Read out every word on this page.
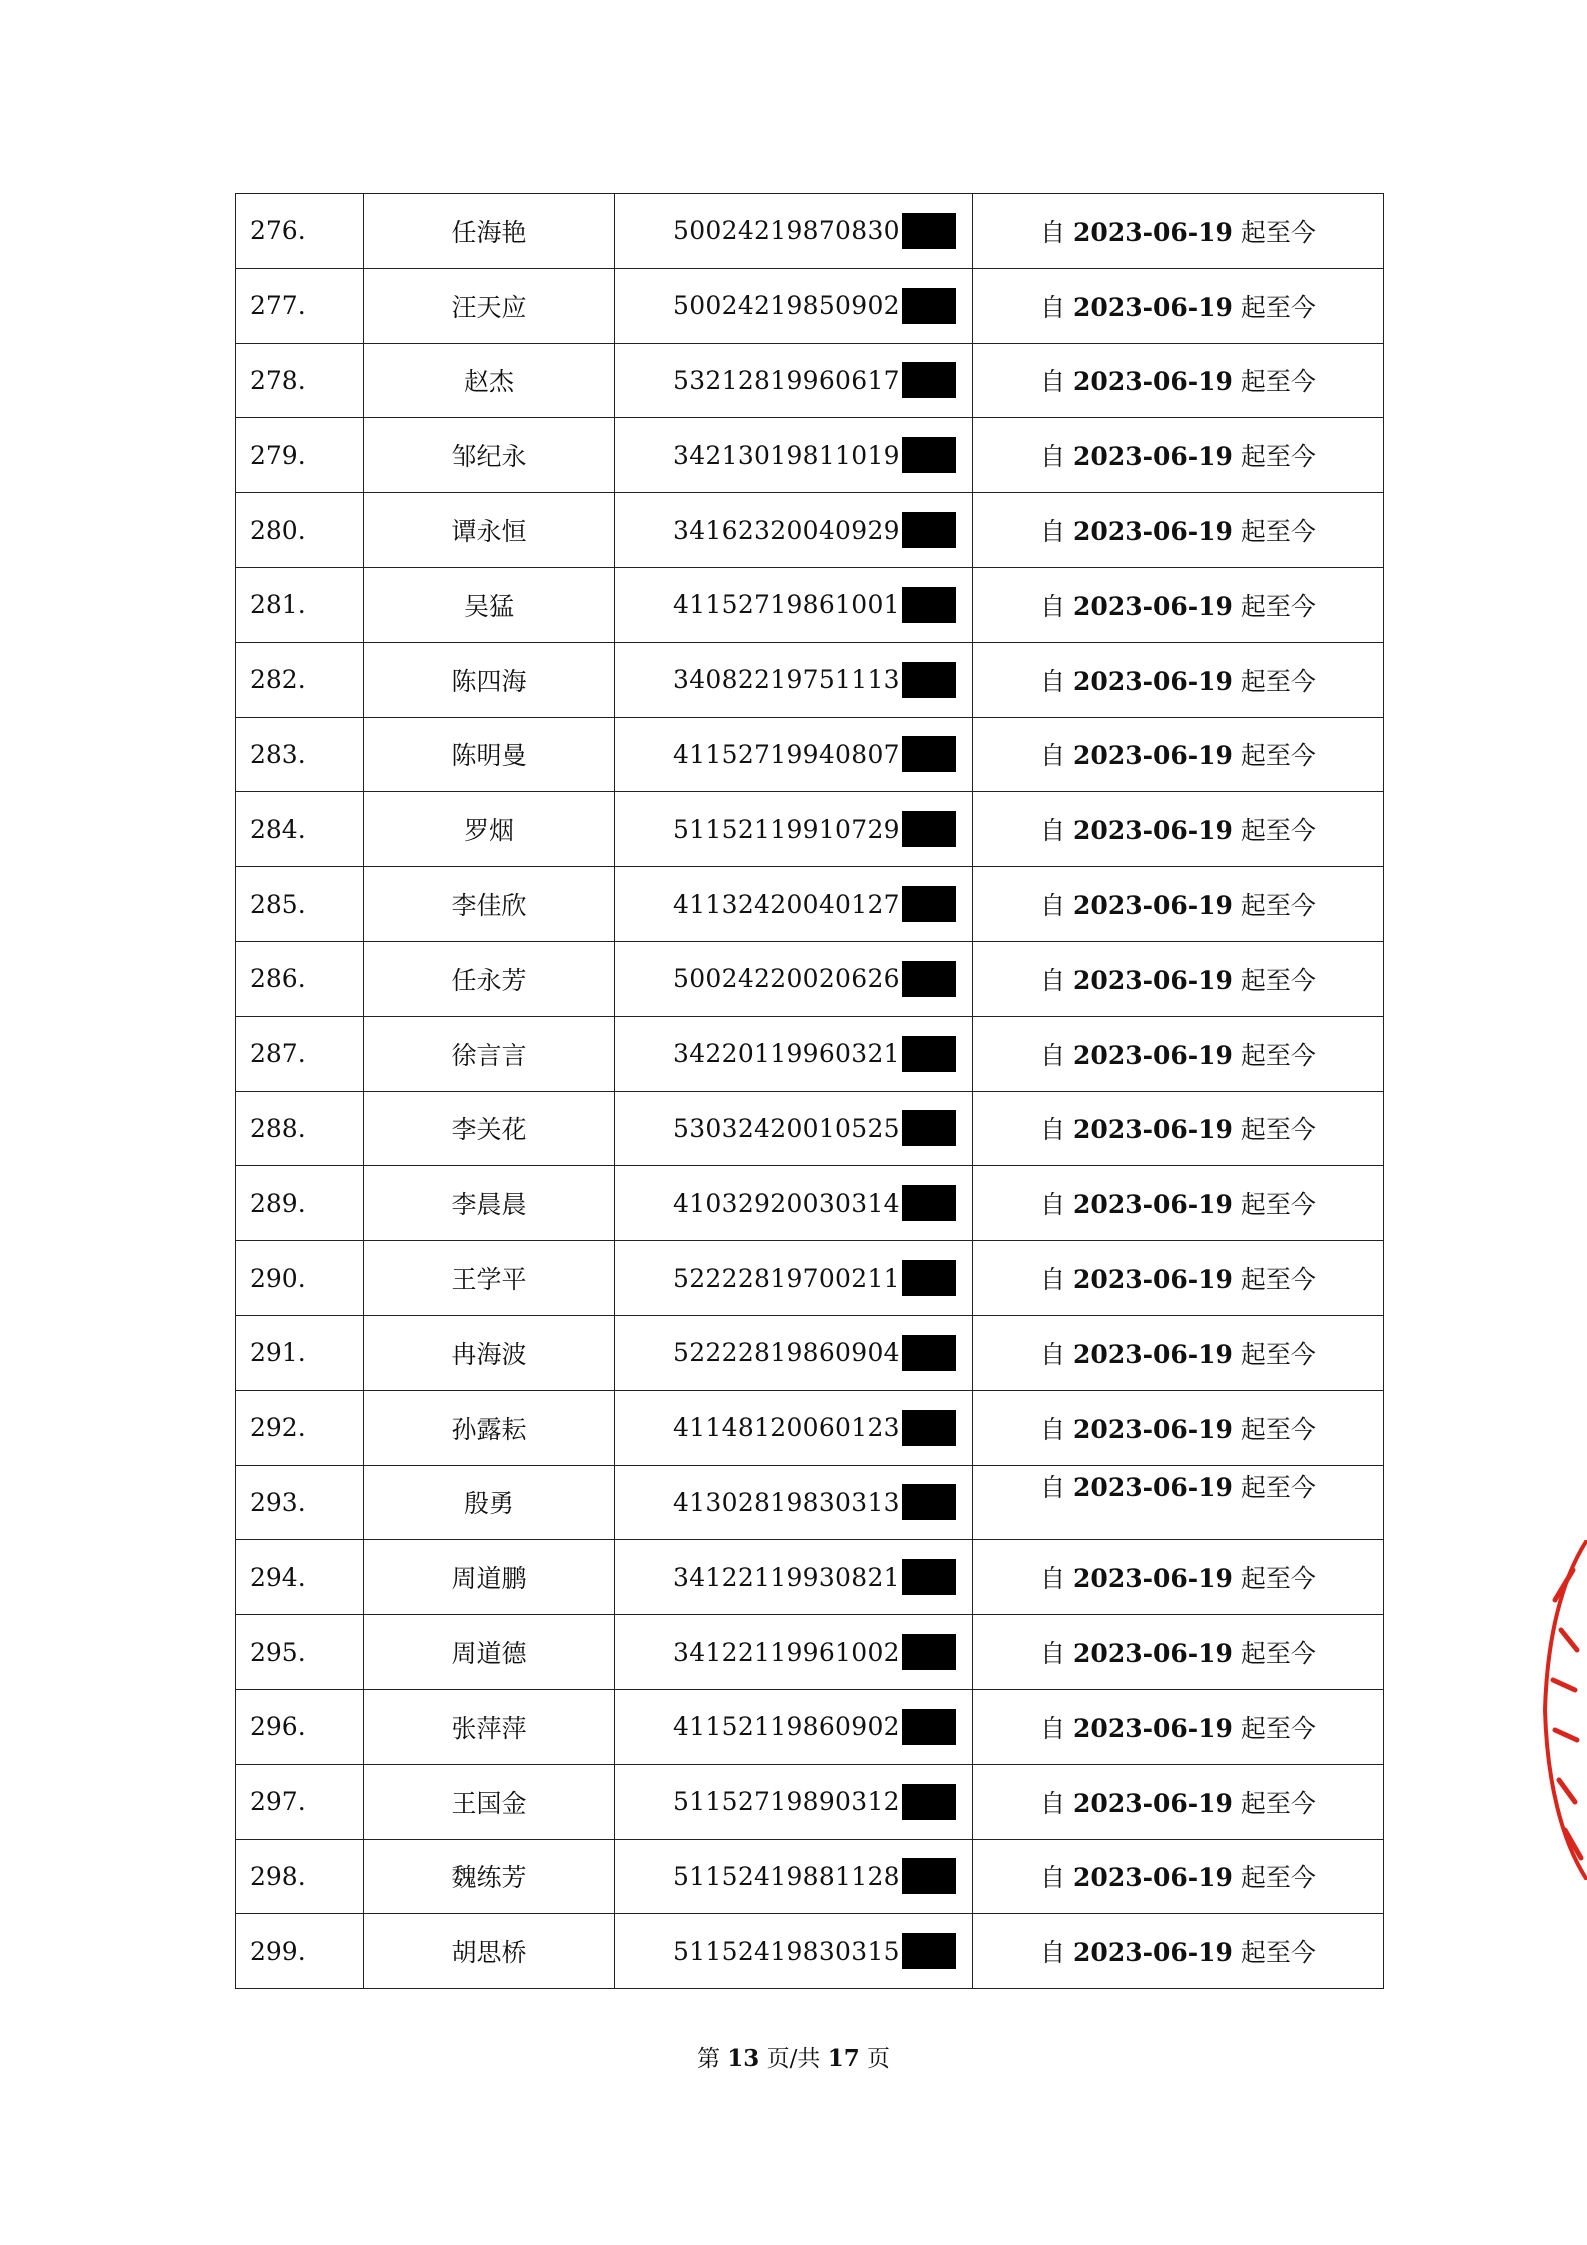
276.	任海艳	50024219870830	自 2023-06-19 起至今
277.	汪天应	50024219850902	自 2023-06-19 起至今
278.	赵杰	53212819960617	自 2023-06-19 起至今
279.	邹纪永	34213019811019	自 2023-06-19 起至今
280.	谭永恒	34162320040929	自 2023-06-19 起至今
281.	吴猛	41152719861001	自 2023-06-19 起至今
282.	陈四海	34082219751113	自 2023-06-19 起至今
283.	陈明曼	41152719940807	自 2023-06-19 起至今
284.	罗烟	51152119910729	自 2023-06-19 起至今
285.	李佳欣	41132420040127	自 2023-06-19 起至今
286.	任永芳	50024220020626	自 2023-06-19 起至今
287.	徐言言	34220119960321	自 2023-06-19 起至今
288.	李关花	53032420010525	自 2023-06-19 起至今
289.	李晨晨	41032920030314	自 2023-06-19 起至今
290.	王学平	52222819700211	自 2023-06-19 起至今
291.	冉海波	52222819860904	自 2023-06-19 起至今
292.	孙露耘	41148120060123	自 2023-06-19 起至今
293.	殷勇	41302819830313	自 2023-06-19 起至今
294.	周道鹏	34122119930821	自 2023-06-19 起至今
295.	周道德	34122119961002	自 2023-06-19 起至今
296.	张萍萍	41152119860902	自 2023-06-19 起至今
297.	王国金	51152719890312	自 2023-06-19 起至今
298.	魏练芳	51152419881128	自 2023-06-19 起至今
299.	胡思桥	51152419830315	自 2023-06-19 起至今
第 13 页/共 17 页
